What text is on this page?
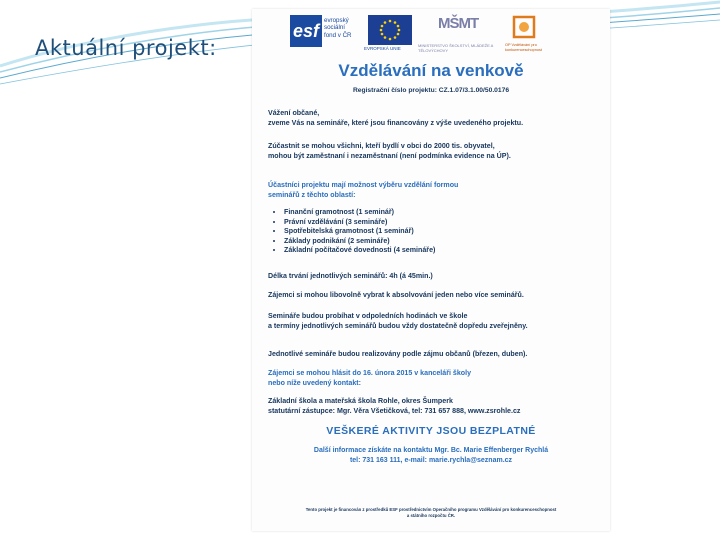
Aktuální projekt:
esf
evropský
sociální
fond v ČR
EVROPSKÁ UNIE
MŠMT
MINISTERSTVO ŠKOLSTVÍ, MLÁDEŽE A TĚLOVÝCHOVY
OP Vzdělávání pro konkurenceschopnost
Vzdělávání na venkově
Registrační číslo projektu: CZ.1.07/3.1.00/50.0176
Vážení občané,
zveme Vás na semináře, které jsou financovány z výše uvedeného projektu.
Zúčastnit se mohou všichni, kteří bydlí v obci do 2000 tis. obyvatel,
mohou být zaměstnaní i nezaměstnaní (není podmínka evidence na ÚP).
Účastníci projektu mají možnost výběru vzdělání formou
seminářů z těchto oblastí:
• Finanční gramotnost (1 seminář)
• Právní vzdělávání (3 semináře)
• Spotřebitelská gramotnost (1 seminář)
• Základy podnikání (2 semináře)
• Základní počítačové dovednosti (4 semináře)
Délka trvání jednotlivých seminářů: 4h (á 45min.)
Zájemci si mohou libovolně vybrat k absolvování jeden nebo více seminářů.
Semináře budou probíhat v odpoledních hodinách ve škole
a termíny jednotlivých seminářů budou vždy dostatečně dopředu zveřejněny.
Jednotlivé semináře budou realizovány podle zájmu občanů (březen, duben).
Zájemci se mohou hlásit do 16. února 2015 v kanceláři školy
nebo níže uvedený kontakt:
Základní škola a mateřská škola Rohle, okres Šumperk
statutární zástupce: Mgr. Věra Všetičková, tel: 731 657 888, www.zsrohle.cz
VEŠKERÉ AKTIVITY JSOU BEZPLATNÉ
Další informace získáte na kontaktu Mgr. Bc. Marie Effenberger Rychlá
tel: 731 163 111, e-mail: marie.rychla@seznam.cz
Tento projekt je financován z prostředků ESF prostřednictvím Operačního programu Vzdělávání pro konkurenceschopnost
a státního rozpočtu ČR.
